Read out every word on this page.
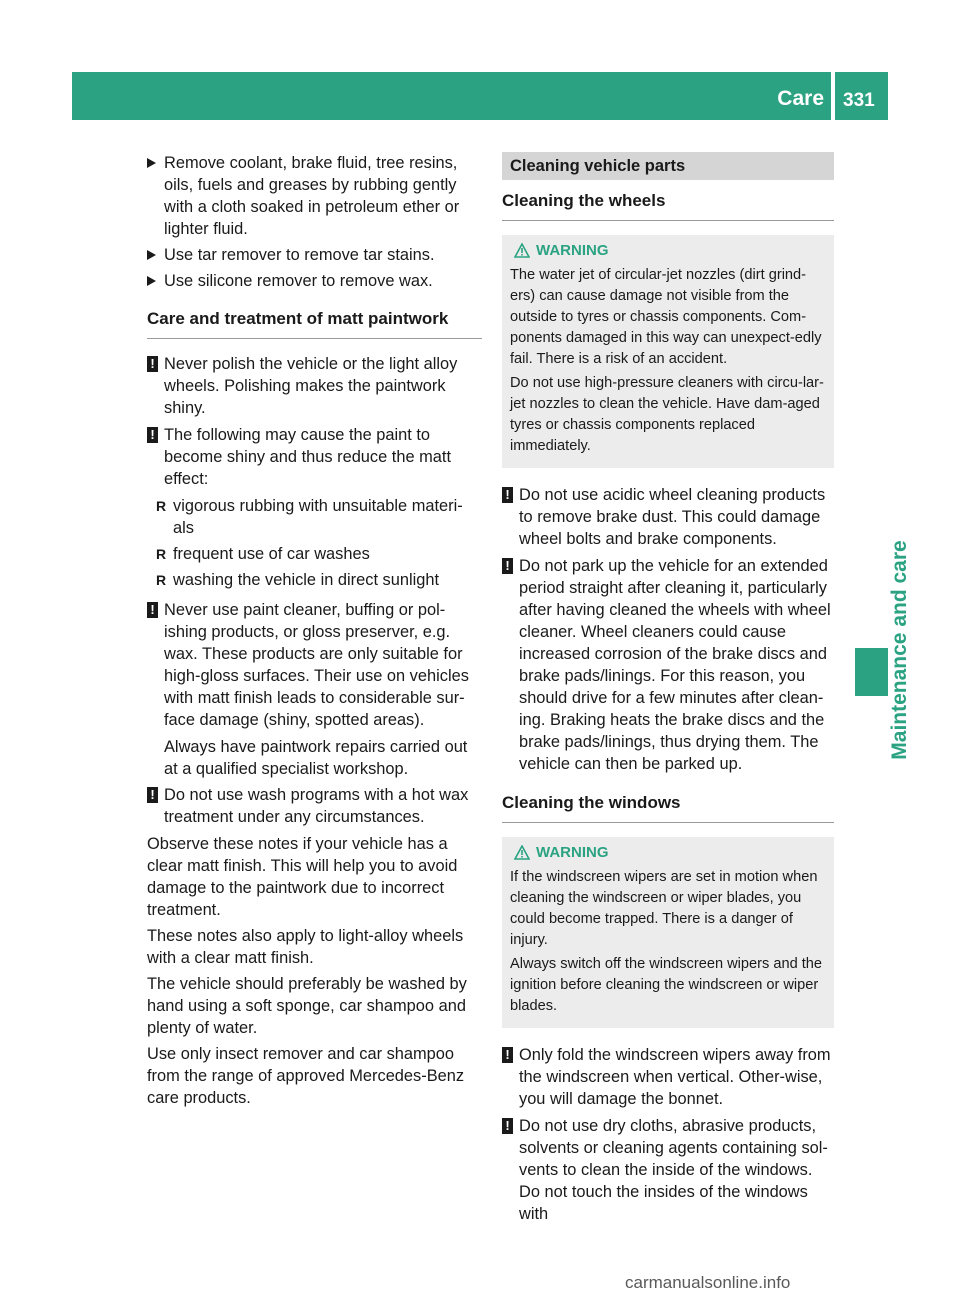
Care 331
Maintenance and care
Remove coolant, brake fluid, tree resins, oils, fuels and greases by rubbing gently with a cloth soaked in petroleum ether or lighter fluid.
Use tar remover to remove tar stains.
Use silicone remover to remove wax.
Care and treatment of matt paintwork
! Never polish the vehicle or the light alloy wheels. Polishing makes the paintwork shiny.
! The following may cause the paint to become shiny and thus reduce the matt effect:
R vigorous rubbing with unsuitable materi-als
R frequent use of car washes
R washing the vehicle in direct sunlight
! Never use paint cleaner, buffing or pol-ishing products, or gloss preserver, e.g. wax. These products are only suitable for high-gloss surfaces. Their use on vehicles with matt finish leads to considerable sur-face damage (shiny, spotted areas).
Always have paintwork repairs carried out at a qualified specialist workshop.
! Do not use wash programs with a hot wax treatment under any circumstances.

Observe these notes if your vehicle has a clear matt finish. This will help you to avoid damage to the paintwork due to incorrect treatment.

These notes also apply to light-alloy wheels with a clear matt finish.

The vehicle should preferably be washed by hand using a soft sponge, car shampoo and plenty of water.

Use only insect remover and car shampoo from the range of approved Mercedes-Benz care products.

Cleaning vehicle parts
Cleaning the wheels
WARNING

The water jet of circular-jet nozzles (dirt grind-ers) can cause damage not visible from the outside to tyres or chassis components. Com-ponents damaged in this way can unexpect-edly fail. There is a risk of an accident.

Do not use high-pressure cleaners with circu-lar-jet nozzles to clean the vehicle. Have dam-aged tyres or chassis components replaced immediately.

! Do not use acidic wheel cleaning products to remove brake dust. This could damage wheel bolts and brake components.
! Do not park up the vehicle for an extended period straight after cleaning it, particularly after having cleaned the wheels with wheel cleaner. Wheel cleaners could cause increased corrosion of the brake discs and brake pads/linings. For this reason, you should drive for a few minutes after clean-ing. Braking heats the brake discs and the brake pads/linings, thus drying them. The vehicle can then be parked up.
Cleaning the windows
WARNING

If the windscreen wipers are set in motion when cleaning the windscreen or wiper blades, you could become trapped. There is a danger of injury.

Always switch off the windscreen wipers and the ignition before cleaning the windscreen or wiper blades.

! Only fold the windscreen wipers away from the windscreen when vertical. Other-wise, you will damage the bonnet.
! Do not use dry cloths, abrasive products, solvents or cleaning agents containing sol-vents to clean the inside of the windows. Do not touch the insides of the windows with
carmanualsonline.info
